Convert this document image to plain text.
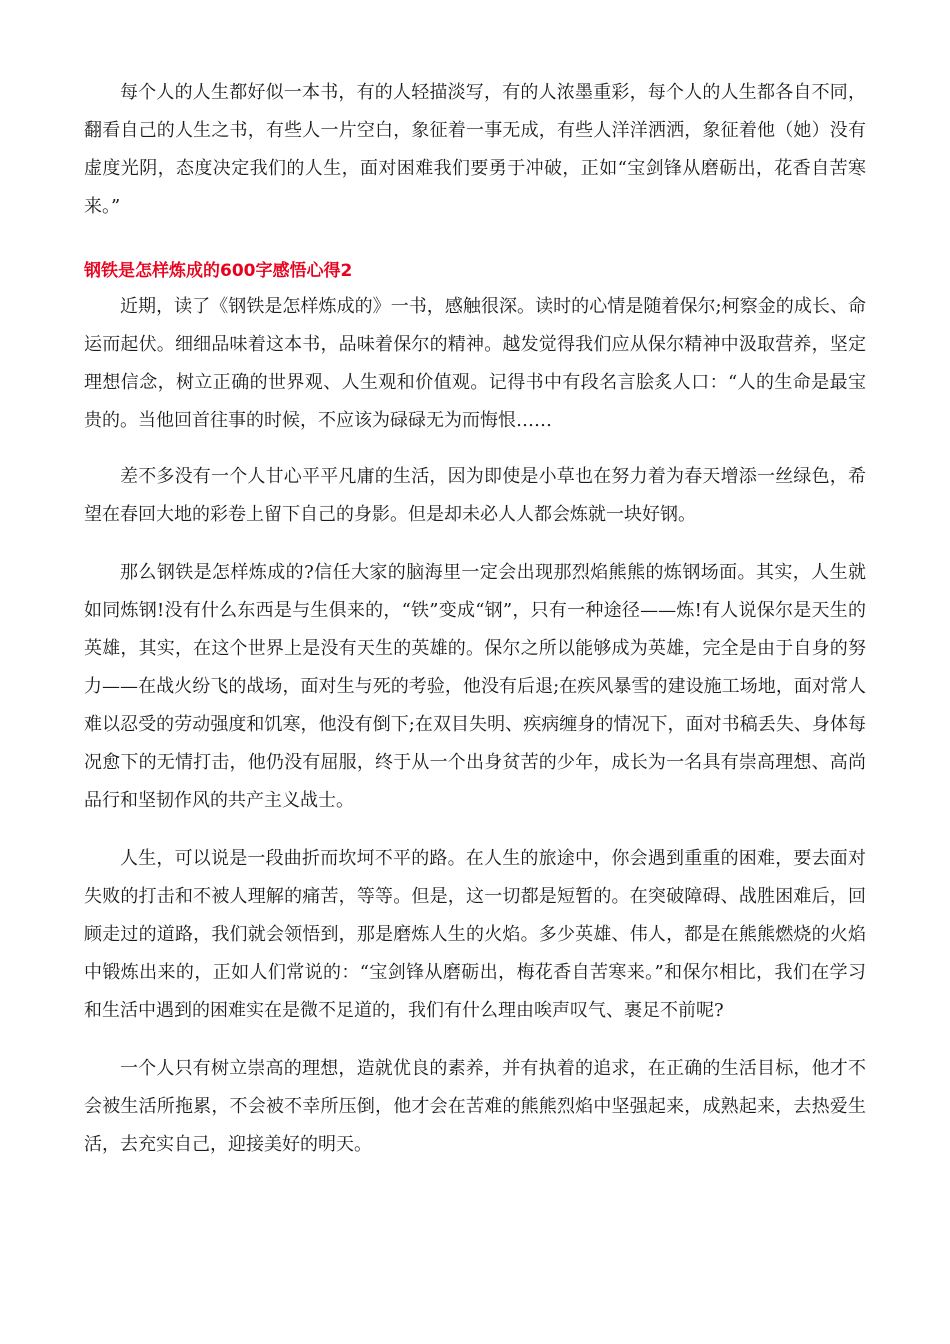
每个人的人生都好似一本书，有的人轻描淡写，有的人浓墨重彩，每个人的人生都各自不同，翻看自己的人生之书，有些人一片空白，象征着一事无成，有些人洋洋洒洒，象征着他（她）没有虚度光阴，态度决定我们的人生，面对困难我们要勇于冲破，正如“宝剑锋从磨砺出，花香自苦寒来。”

钢铁是怎样炼成的600字感悟心得2

近期，读了《钢铁是怎样炼成的》一书，感触很深。读时的心情是随着保尔;柯察金的成长、命运而起伏。细细品味着这本书，品味着保尔的精神。越发觉得我们应从保尔精神中汲取营养，坚定理想信念，树立正确的世界观、人生观和价值观。记得书中有段名言脍炙人口：“人的生命是最宝贵的。当他回首往事的时候，不应该为碌碌无为而悔恨……

差不多没有一个人甘心平平凡庸的生活，因为即使是小草也在努力着为春天增添一丝绿色，希望在春回大地的彩卷上留下自己的身影。但是却未必人人都会炼就一块好钢。

那么钢铁是怎样炼成的?信任大家的脑海里一定会出现那烈焰熊熊的炼钢场面。其实，人生就如同炼钢!没有什么东西是与生俱来的，“铁”变成“钢”，只有一种途径——炼!有人说保尔是天生的英雄，其实，在这个世界上是没有天生的英雄的。保尔之所以能够成为英雄，完全是由于自身的努力——在战火纷飞的战场，面对生与死的考验，他没有后退;在疾风暴雪的建设施工场地，面对常人难以忍受的劳动强度和饥寒，他没有倒下;在双目失明、疾病缠身的情况下，面对书稿丢失、身体每况愈下的无情打击，他仍没有屈服，终于从一个出身贫苦的少年，成长为一名具有崇高理想、高尚品行和坚韧作风的共产主义战士。

人生，可以说是一段曲折而坎坷不平的路。在人生的旅途中，你会遇到重重的困难，要去面对失败的打击和不被人理解的痛苦，等等。但是，这一切都是短暂的。在突破障碍、战胜困难后，回顾走过的道路，我们就会领悟到，那是磨炼人生的火焰。多少英雄、伟人，都是在熊熊燃烧的火焰中锻炼出来的，正如人们常说的：“宝剑锋从磨砺出，梅花香自苦寒来。”和保尔相比，我们在学习和生活中遇到的困难实在是微不足道的，我们有什么理由唉声叹气、裹足不前呢?

一个人只有树立崇高的理想，造就优良的素养，并有执着的追求，在正确的生活目标，他才不会被生活所拖累，不会被不幸所压倒，他才会在苦难的熊熊烈焰中坚强起来，成熟起来，去热爱生活，去充实自己，迎接美好的明天。
